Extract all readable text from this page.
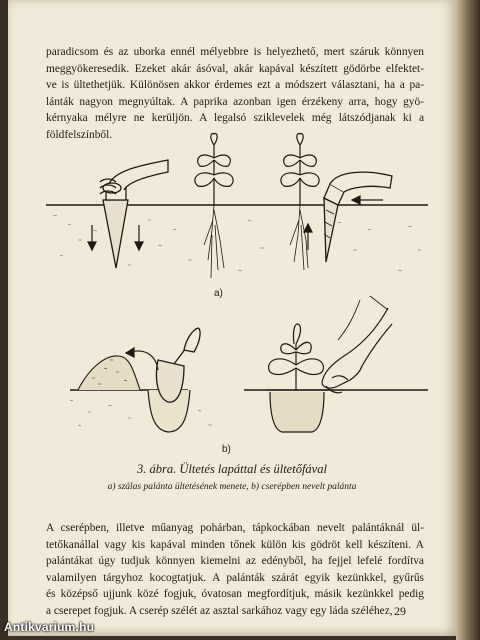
paradicsom és az uborka ennél mélyebbre is helyezhető, mert száruk könnyen
meggyökeresedik. Ezeket akár ásóval, akár kapával készített gödörbe elfektet-
ve is ültethetjük. Különösen akkor érdemes ezt a módszert választani, ha a pa-
lánták nagyon megnyúltak. A paprika azonban igen érzékeny arra, hogy gyö-
kérnyaka mélyre ne kerüljön. A legalsó sziklevelek még látszódjanak ki a
földfelszínből.

a)
b)
3. ábra. Ültetés lapáttal és ültetőfával
a) szálas palánta ültetésének menete, b) cserépben nevelt palánta

A cserépben, illetve műanyag pohárban, tápkockában nevelt palántáknál ül-
tetőkanállal vagy kis kapával minden tőnek külön kis gödröt kell készíteni. A
palántákat úgy tudjuk könnyen kiemelni az edényből, ha fejjel lefelé fordítva
valamilyen tárgyhoz kocogtatjuk. A palánták szárát egyik kezünkkel, gyűrűs
és középső ujjunk közé fogjuk, óvatosan megfordítjuk, másik kezünkkel pedig
a cserepet fogjuk. A cserép szélét az asztal sarkához vagy egy láda széléhez, 29
Antikvarium.hu
